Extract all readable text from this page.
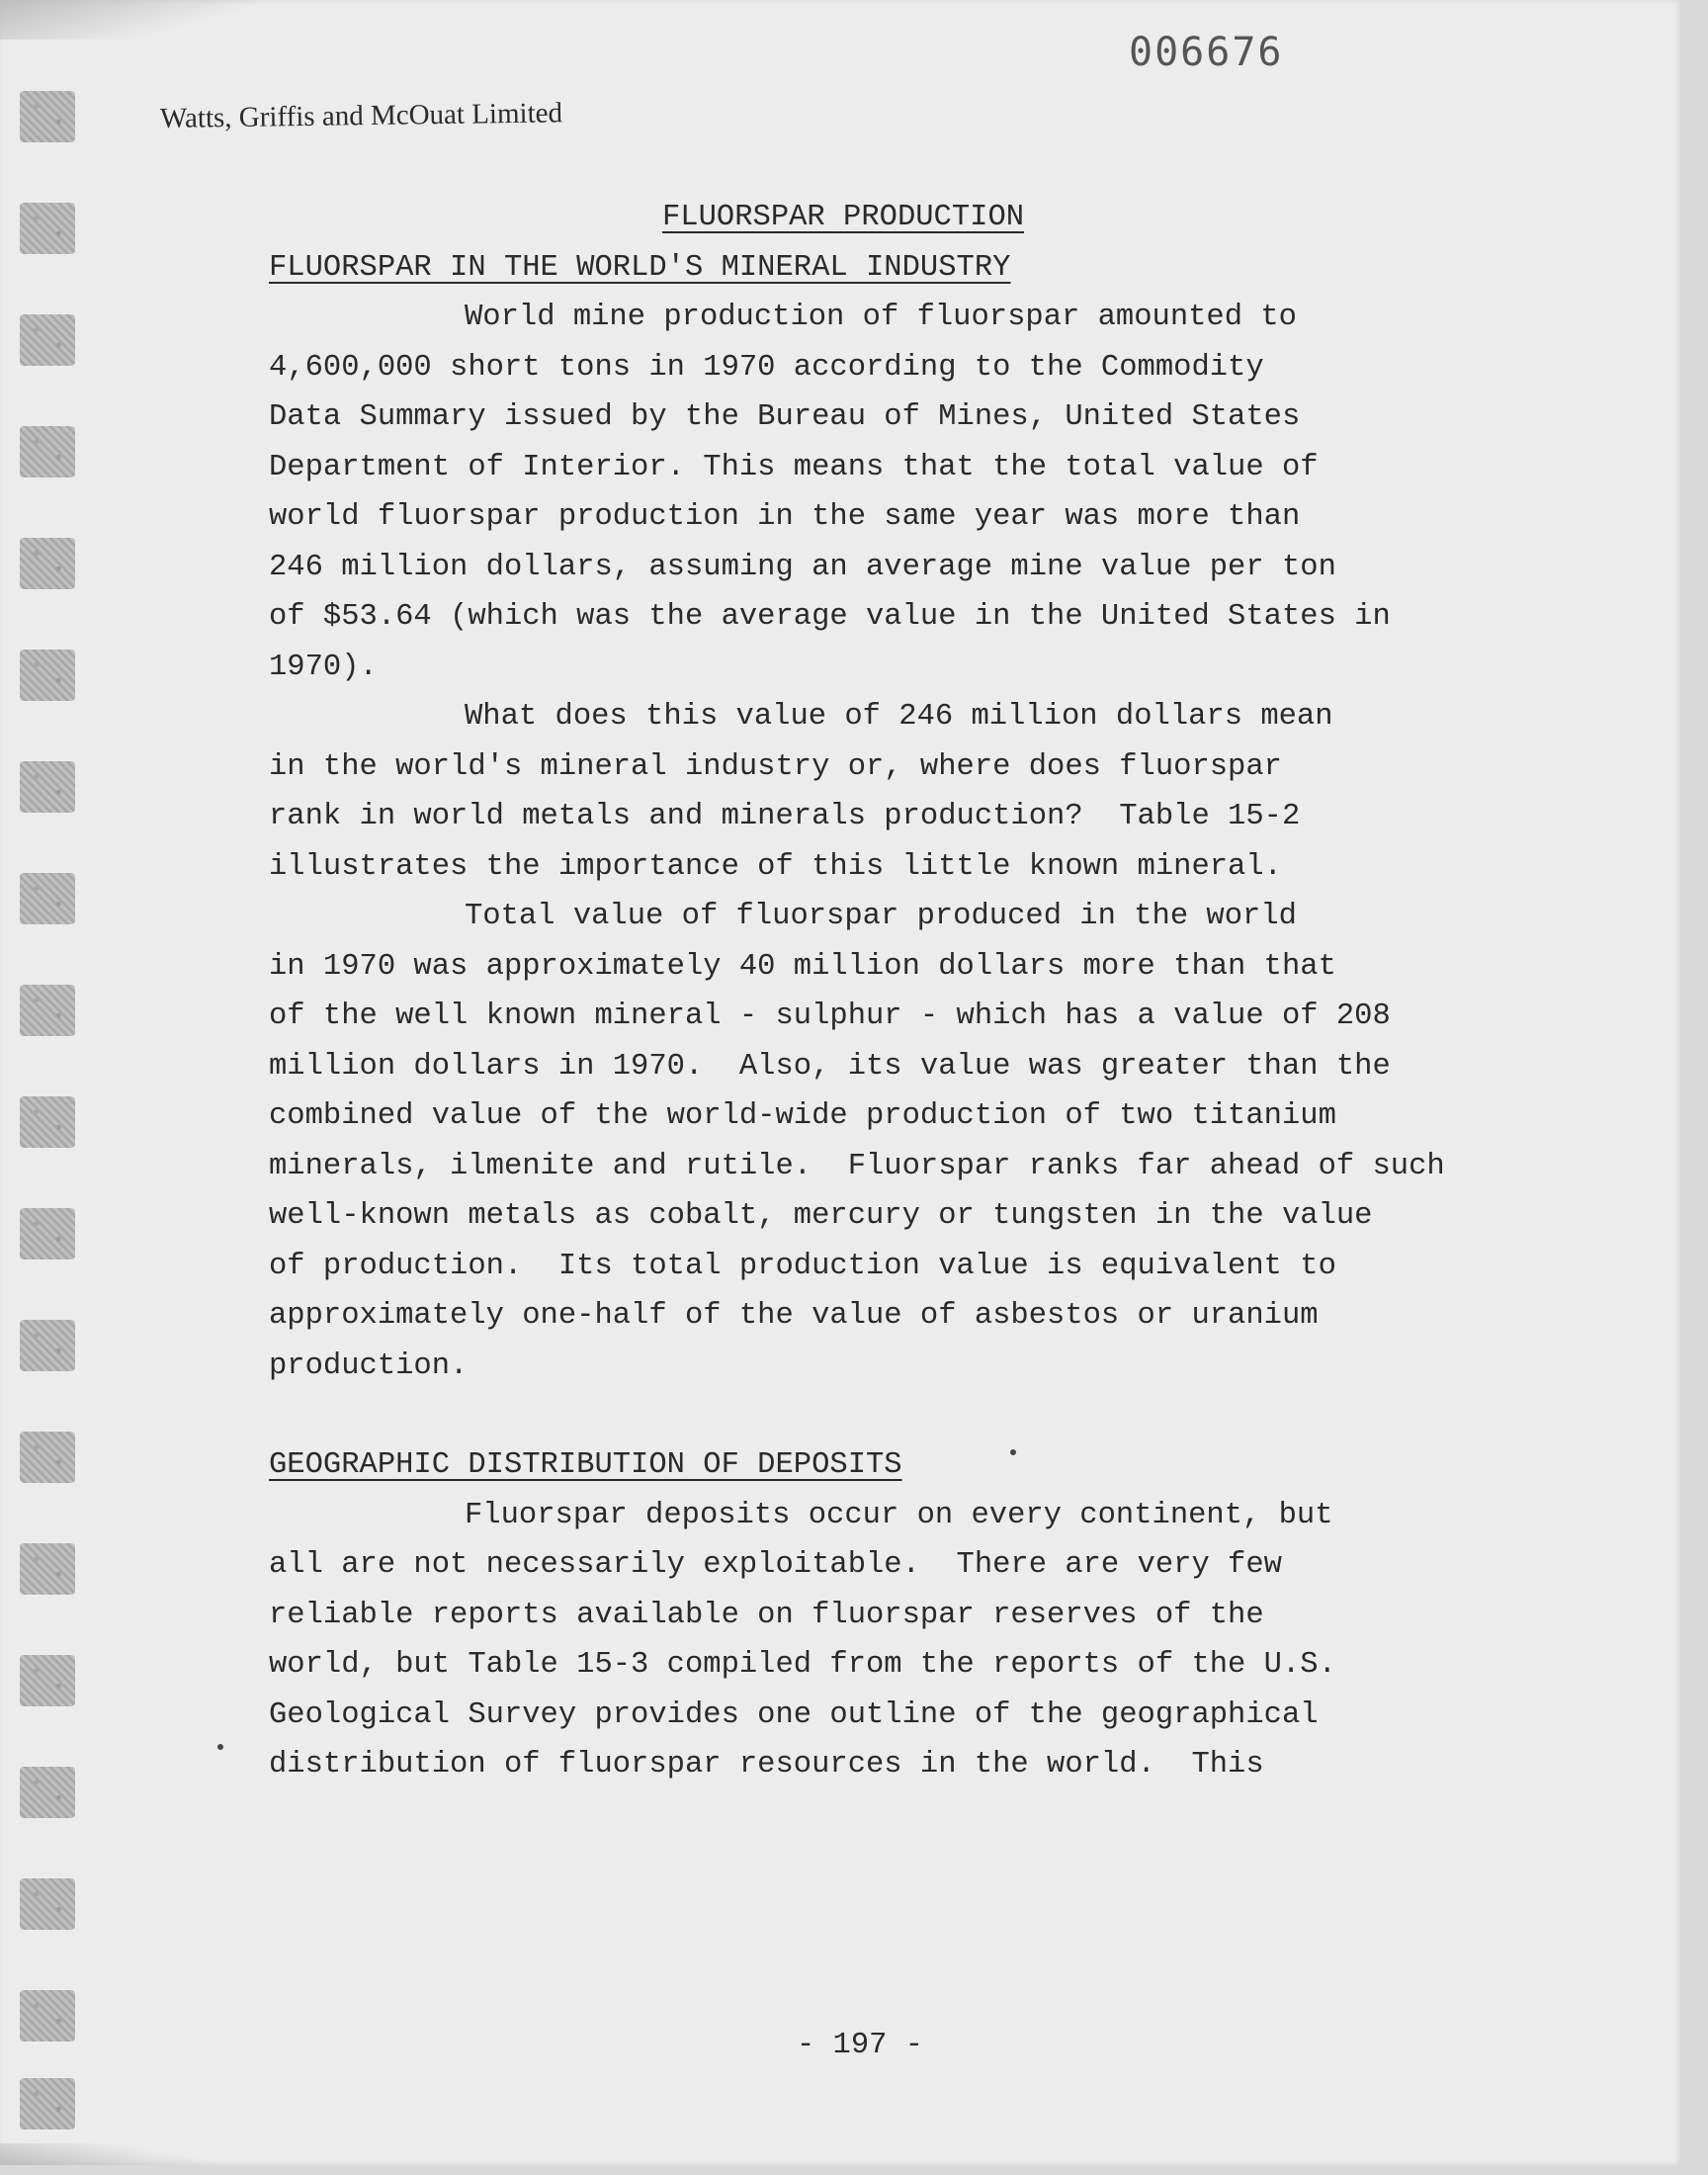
006676
Watts, Griffis and McOuat Limited
FLUORSPAR PRODUCTION
FLUORSPAR IN THE WORLD'S MINERAL INDUSTRY

World mine production of fluorspar amounted to
4,600,000 short tons in 1970 according to the Commodity
Data Summary issued by the Bureau of Mines, United States
Department of Interior. This means that the total value of
world fluorspar production in the same year was more than
246 million dollars, assuming an average mine value per ton
of $53.64 (which was the average value in the United States in
1970).

What does this value of 246 million dollars mean
in the world's mineral industry or, where does fluorspar
rank in world metals and minerals production?  Table 15-2
illustrates the importance of this little known mineral.

Total value of fluorspar produced in the world
in 1970 was approximately 40 million dollars more than that
of the well known mineral - sulphur - which has a value of 208
million dollars in 1970.  Also, its value was greater than the
combined value of the world-wide production of two titanium
minerals, ilmenite and rutile.  Fluorspar ranks far ahead of such
well-known metals as cobalt, mercury or tungsten in the value
of production.  Its total production value is equivalent to
approximately one-half of the value of asbestos or uranium
production.

GEOGRAPHIC DISTRIBUTION OF DEPOSITS

Fluorspar deposits occur on every continent, but
all are not necessarily exploitable.  There are very few
reliable reports available on fluorspar reserves of the
world, but Table 15-3 compiled from the reports of the U.S.
Geological Survey provides one outline of the geographical
distribution of fluorspar resources in the world.  This

- 197 -
